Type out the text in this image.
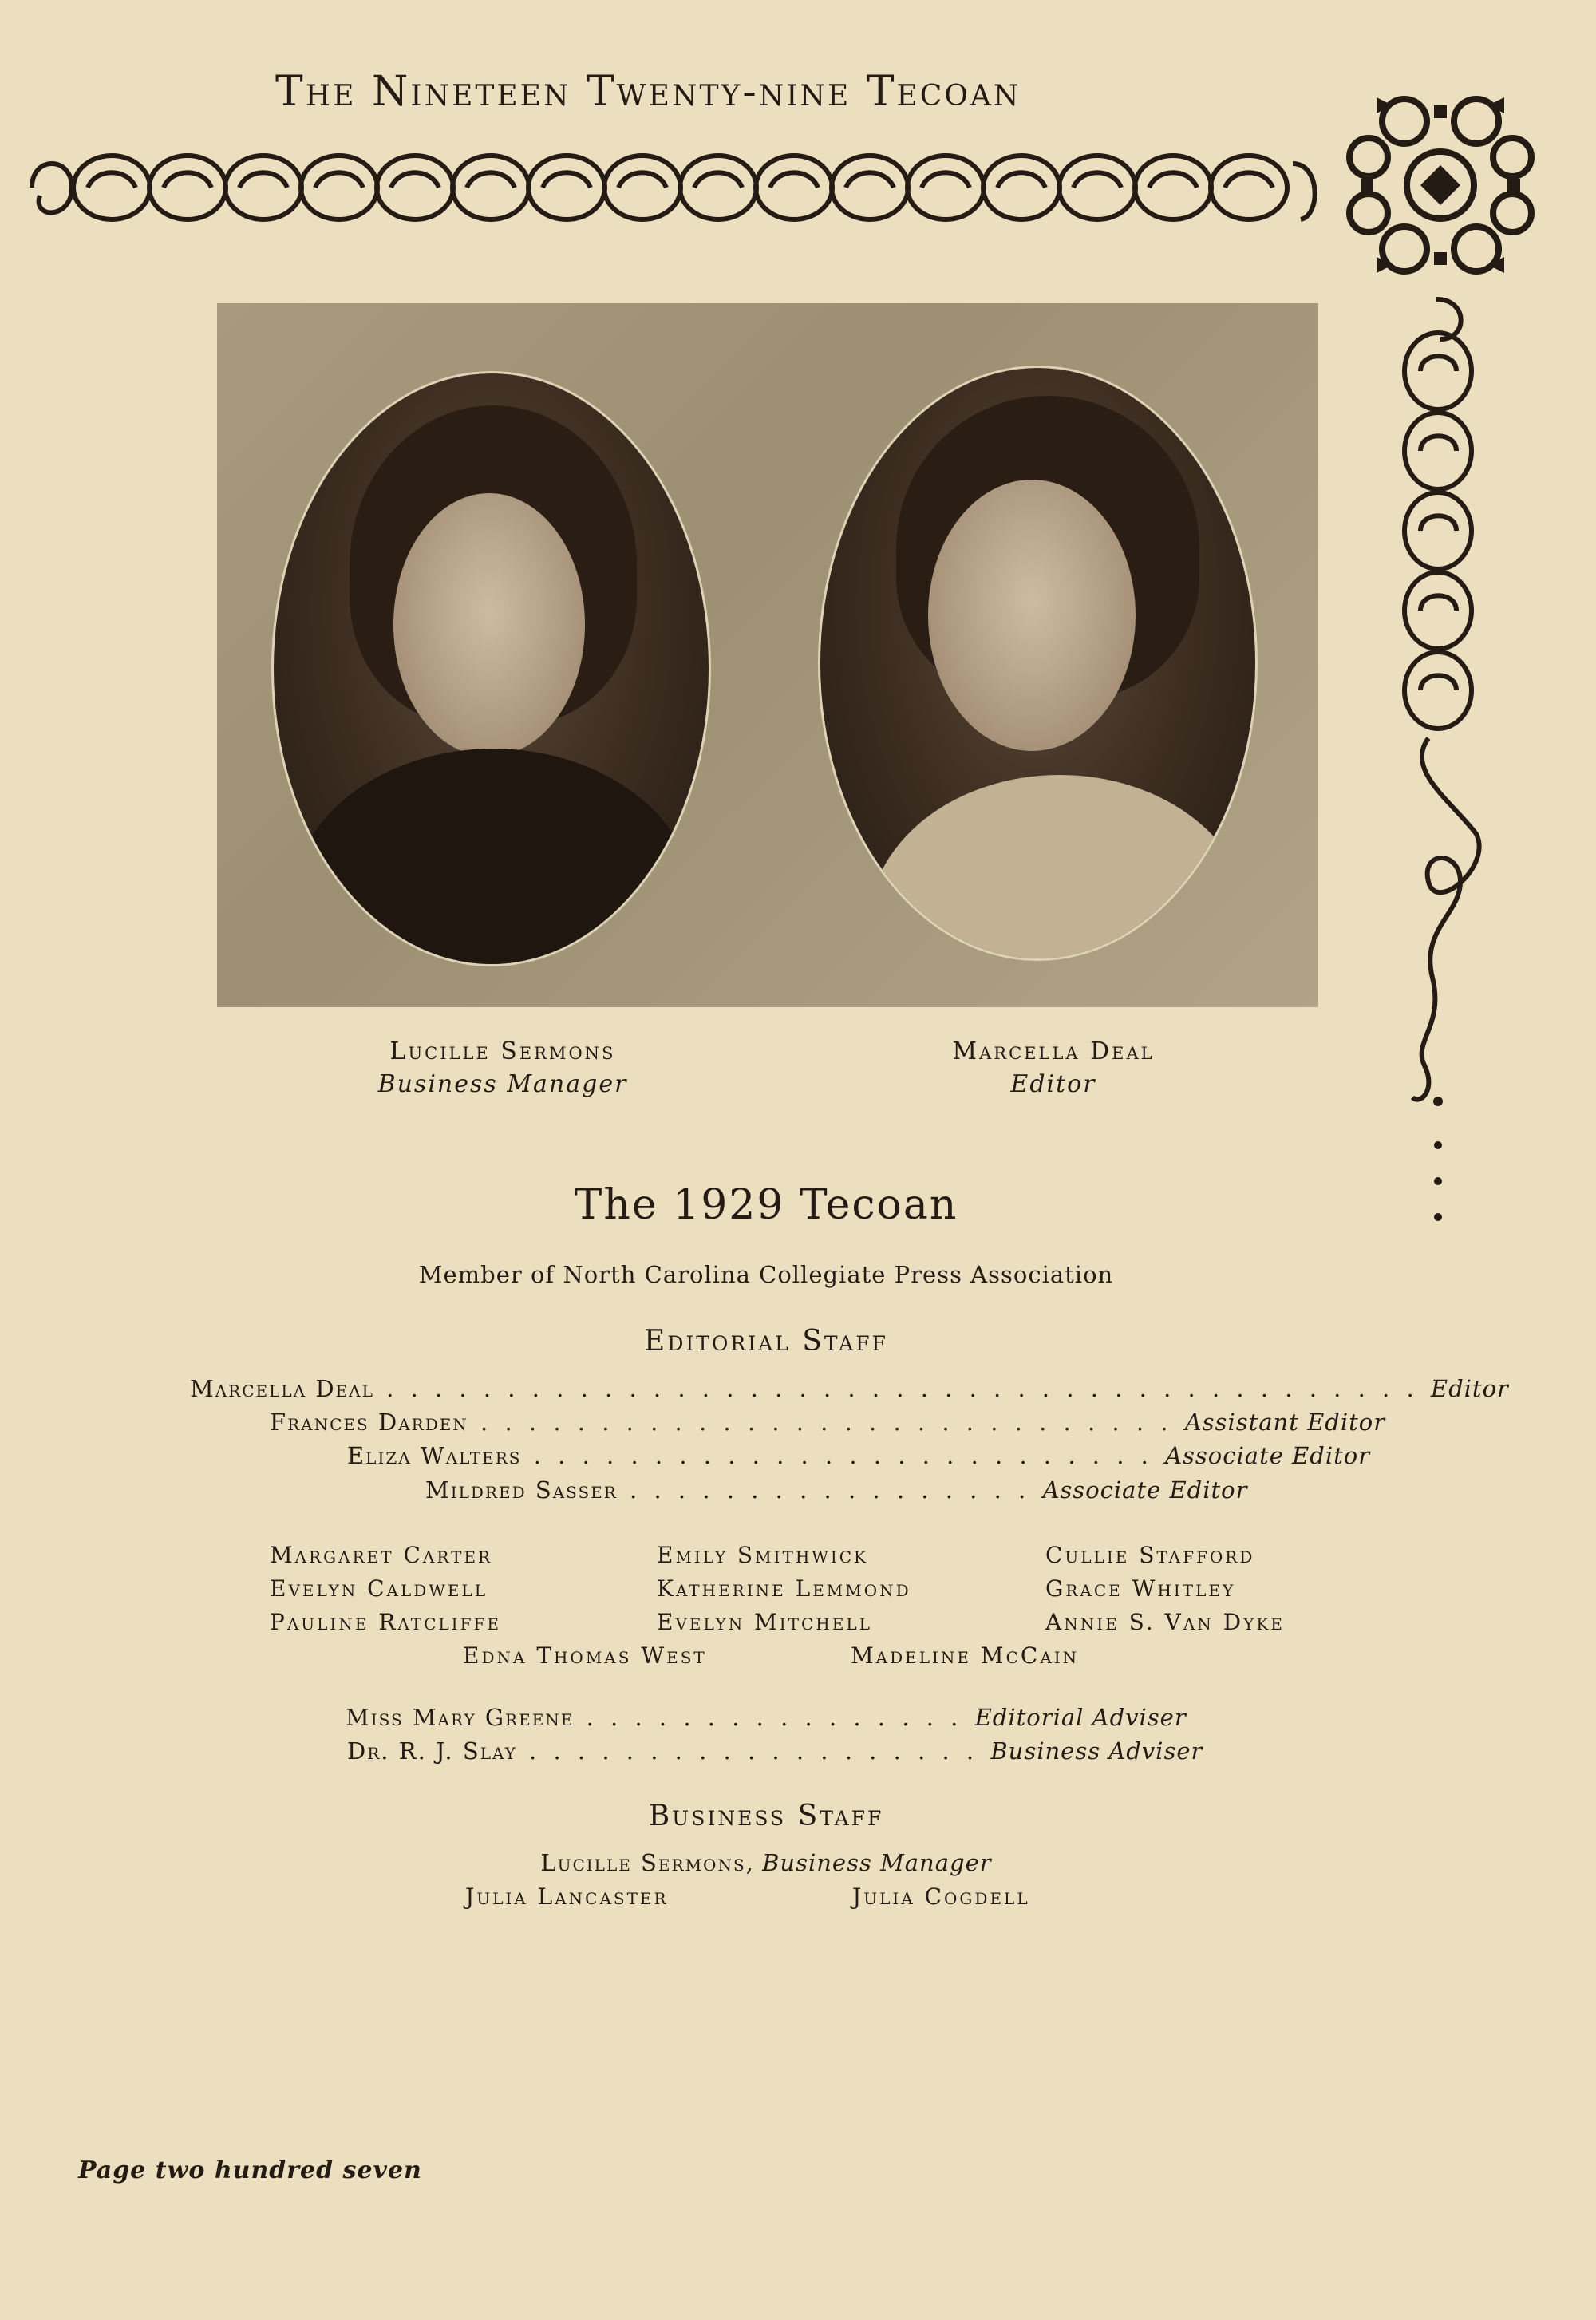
The Nineteen Twenty-nine Tecoan
Lucille Sermons
Business Manager
Marcella Deal
Editor
The 1929 Tecoan
Member of North Carolina Collegiate Press Association
Editorial Staff
Marcella Deal . . . . . . . . . . . . . . . . . . . . . . . . . . . . . . . . . . . . . . . . . . . Editor
Frances Darden . . . . . . . . . . . . . . . . . . . . . . . . . . . . . Assistant Editor
Eliza Walters . . . . . . . . . . . . . . . . . . . . . . . . . . Associate Editor
Mildred Sasser . . . . . . . . . . . . . . . . . Associate Editor
Margaret Carter	Emily Smithwick	Cullie Stafford
Evelyn Caldwell	Katherine Lemmond	Grace Whitley
Pauline Ratcliffe	Evelyn Mitchell	Annie S. Van Dyke
Edna Thomas West	Madeline McCain
Miss Mary Greene . . . . . . . . . . . . . . . . Editorial Adviser
Dr. R. J. Slay . . . . . . . . . . . . . . . . . . . Business Adviser
Business Staff
Lucille Sermons, Business Manager
Julia Lancaster	Julia Cogdell
Page two hundred seven
